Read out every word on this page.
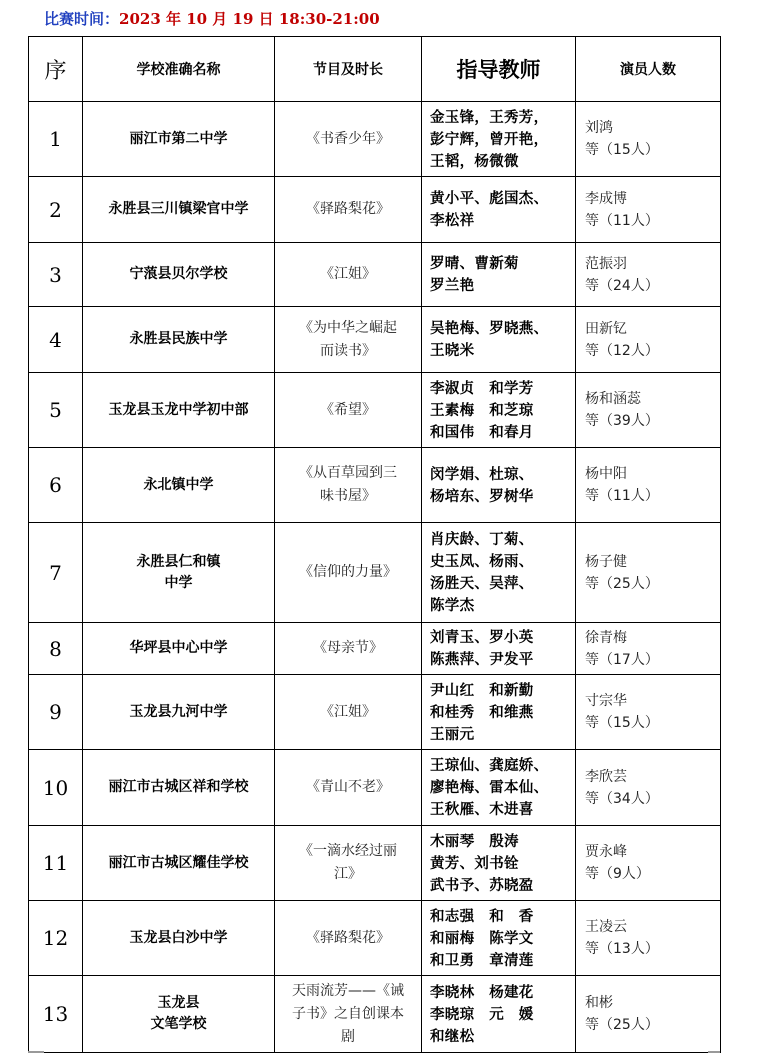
比赛时间：2023 年 10 月 19 日 18:30-21:00
序	学校准确名称	节目及时长	指导教师	演员人数
1	丽江市第二中学	《书香少年》	金玉锋，王秀芳，
彭宁辉，曾开艳，
王韬，杨微微	刘鸿
等（15人）

2	永胜县三川镇梁官中学	《驿路梨花》	黄小平、彪国杰、
李松祥	李成博
等（11人）

3	宁蒗县贝尔学校	《江姐》	罗晴、曹新菊
罗兰艳	范振羽
等（24人）

4	永胜县民族中学	《为中华之崛起
而读书》	吴艳梅、罗晓燕、
王晓米	田新钇
等（12人）

5	玉龙县玉龙中学初中部	《希望》	李淑贞　和学芳
王素梅　和芝琼
和国伟　和春月	杨和涵蕊
等（39人）

6	永北镇中学	《从百草园到三
味书屋》	闵学娟、杜琼、
杨培东、罗树华	杨中阳
等（11人）

7	永胜县仁和镇
中学	《信仰的力量》	肖庆龄、丁菊、
史玉凤、杨雨、
汤胜天、吴萍、
陈学杰	杨子健
等（25人）

8	华坪县中心中学	《母亲节》	刘青玉、罗小英
陈燕萍、尹发平	徐青梅
等（17人）

9	玉龙县九河中学	《江姐》	尹山红　和新勤
和桂秀　和维燕
王丽元	寸宗华
等（15人）

10	丽江市古城区祥和学校	《青山不老》	王琼仙、龚庭娇、
廖艳梅、雷本仙、
王秋雁、木进喜	李欣芸
等（34人）

11	丽江市古城区耀佳学校	《一滴水经过丽
江》	木丽琴　殷涛
黄芳、刘书铨
武书予、苏晓盈	贾永峰
等（9人）

12	玉龙县白沙中学	《驿路梨花》	和志强　和　香
和丽梅　陈学文
和卫勇　章清莲	王凌云
等（13人）

13	玉龙县
文笔学校	天雨流芳——《诫
子书》之自创课本
剧	李晓林　杨建花
李晓琼　元　媛
和继松	和彬
等（25人）
